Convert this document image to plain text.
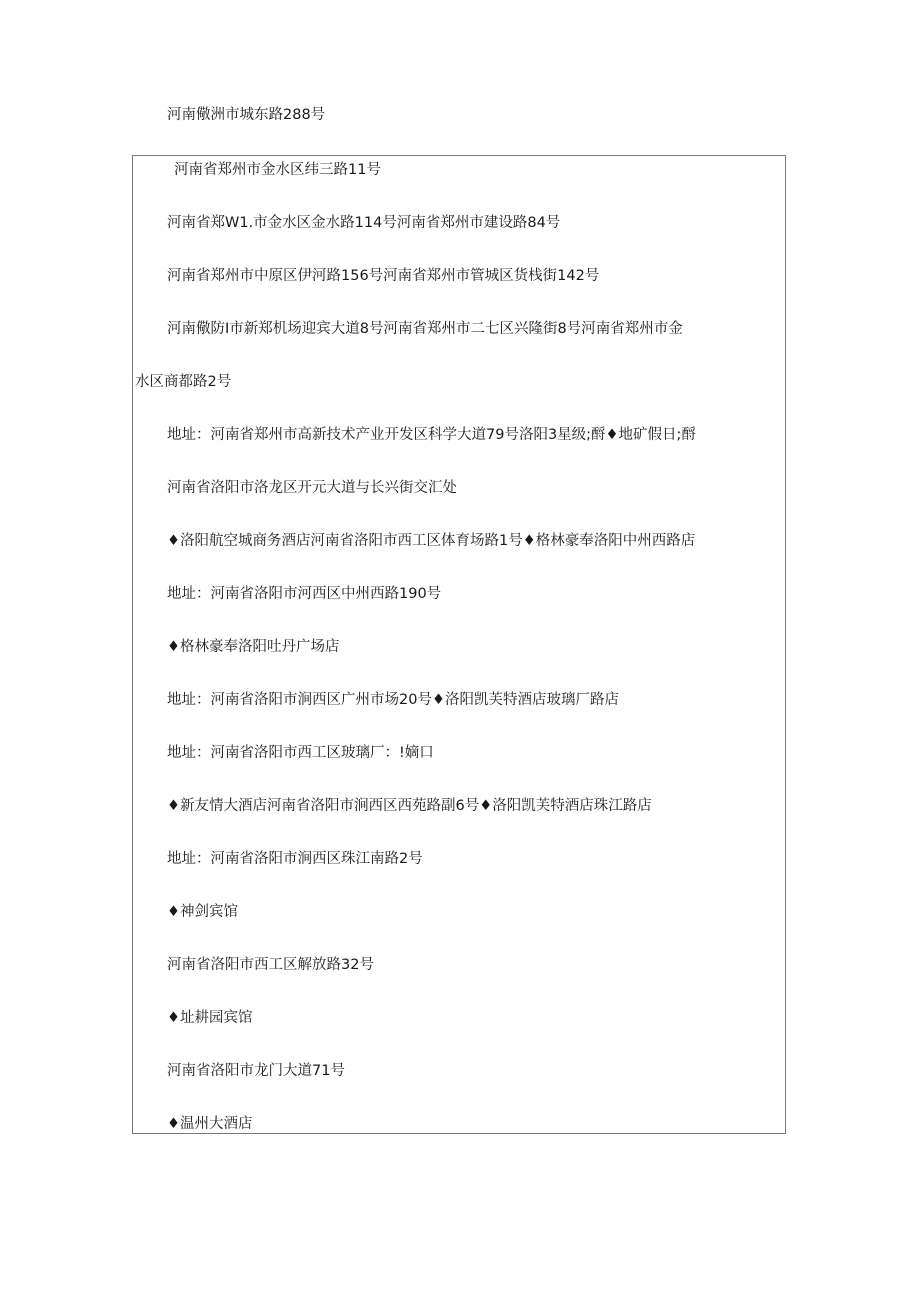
河南儆洲市城东路288号
河南省郑州市金水区纬三路11号
河南省郑W1.市金水区金水路114号河南省郑州市建设路84号
河南省郑州市中原区伊河路156号河南省郑州市管城区货栈街142号
河南儆防I市新郑机场迎宾大道8号河南省郑州市二七区兴隆街8号河南省郑州市金
水区商都路2号
地址：河南省郑州市高新技术产业开发区科学大道79号洛阳3星级;酹♦地矿假日;酹
河南省洛阳市洛龙区开元大道与长兴街交汇处
♦洛阳航空城商务酒店河南省洛阳市西工区体育场路1号♦格林豪奉洛阳中州西路店
地址：河南省洛阳市河西区中州西路190号
♦格林豪奉洛阳吐丹广场店
地址：河南省洛阳市涧西区广州市场20号♦洛阳凯芙特酒店玻璃厂路店
地址：河南省洛阳市西工区玻璃厂：!嫡口
♦新友情大酒店河南省洛阳市涧西区西苑路副6号♦洛阳凯芙特酒店珠江路店
地址：河南省洛阳市涧西区珠江南路2号
♦神剑宾馆
河南省洛阳市西工区解放路32号
♦址耕园宾馆
河南省洛阳市龙门大道71号
♦温州大酒店
